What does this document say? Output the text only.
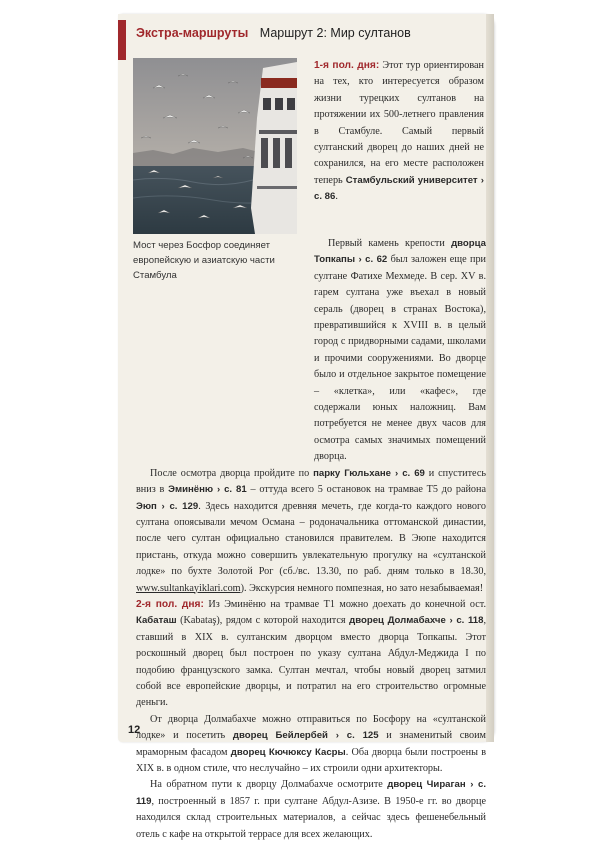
Экстра-маршруты Маршрут 2: Мир султанов
Мост через Босфор соединяет европейскую и азиатскую части Стамбула

1-я пол. дня: Этот тур ориентирован на тех, кто интересуется образом жизни турецких султанов на протяжении их 500-летнего правления в Стамбуле. Самый первый султанский дворец до наших дней не сохранился, на его месте расположен теперь Стамбульский университет › с. 86.

Первый камень крепости дворца Топкапы › с. 62 был заложен еще при султане Фатихе Мехмеде. В сер. XV в. гарем султана уже въехал в новый сераль (дворец в странах Востока), превратившийся к XVIII в. в целый город с придворными садами, школами и прочими сооружениями. Во дворце было и отдельное закрытое помещение – «клетка», или «кафес», где содержали юных наложниц. Вам потребуется не менее двух часов для осмотра самых значимых помещений дворца.

После осмотра дворца пройдите по парку Гюльхане › с. 69 и спуститесь вниз в Эминёню › с. 81 – оттуда всего 5 остановок на трамвае Т5 до района Эюп › с. 129. Здесь находится древняя мечеть, где когда-то каждого нового султана опоясывали мечом Османа – родоначальника оттоманской династии, после чего султан официально становился правителем. В Эюпе находится пристань, откуда можно совершить увлекательную прогулку на «султанской лодке» по бухте Золотой Рог (сб./вс. 13.30, по раб. дням только в 18.30, www.sultankayiklari.com). Экскурсия немного помпезная, но зато незабываемая!

2-я пол. дня: Из Эминёню на трамвае Т1 можно доехать до конечной ост. Кабаташ (Kabataş), рядом с которой находится дворец Долмабахче › с. 118, ставший в XIX в. султанским дворцом вместо дворца Топкапы. Этот роскошный дворец был построен по указу султана Абдул-Меджида I по подобию французского замка. Султан мечтал, чтобы новый дворец затмил собой все европейские дворцы, и потратил на его строительство огромные деньги.

От дворца Долмабахче можно отправиться по Босфору на «султанской лодке» и посетить дворец Бейлербей › с. 125 и знаменитый своим мраморным фасадом дворец Кючюксу Касры. Оба дворца были построены в XIX в. в одном стиле, что неслучайно – их строили одни архитекторы.

На обратном пути к дворцу Долмабахче осмотрите дворец Чираган › с. 119, построенный в 1857 г. при султане Абдул-Азизе. В 1950-е гг. во дворце находился склад строительных материалов, а сейчас здесь фешенебельный отель с кафе на открытой террасе для всех желающих.

12
